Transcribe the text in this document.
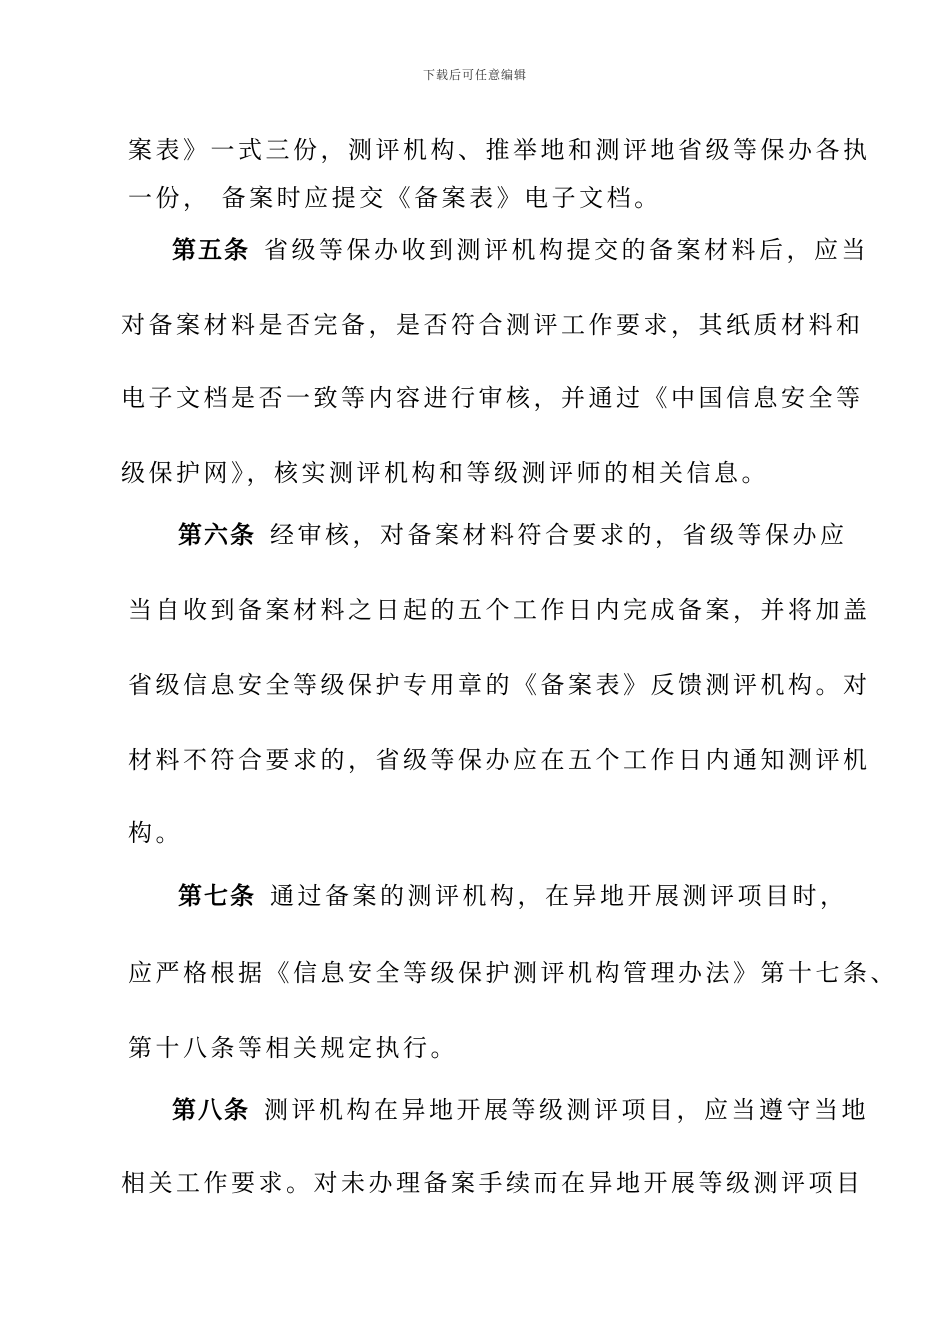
下载后可任意编辑
案表》一式三份，测评机构、推举地和测评地省级等保办各执
一份， 备案时应提交《备案表》电子文档。
第五条 省级等保办收到测评机构提交的备案材料后，应当
对备案材料是否完备，是否符合测评工作要求，其纸质材料和
电子文档是否一致等内容进行审核，并通过《中国信息安全等
级保护网》，核实测评机构和等级测评师的相关信息。
第六条 经审核，对备案材料符合要求的，省级等保办应
当自收到备案材料之日起的五个工作日内完成备案，并将加盖
省级信息安全等级保护专用章的《备案表》反馈测评机构。对
材料不符合要求的，省级等保办应在五个工作日内通知测评机
构。
第七条 通过备案的测评机构，在异地开展测评项目时，
应严格根据《信息安全等级保护测评机构管理办法》第十七条、
第十八条等相关规定执行。
第八条 测评机构在异地开展等级测评项目，应当遵守当地
相关工作要求。对未办理备案手续而在异地开展等级测评项目
